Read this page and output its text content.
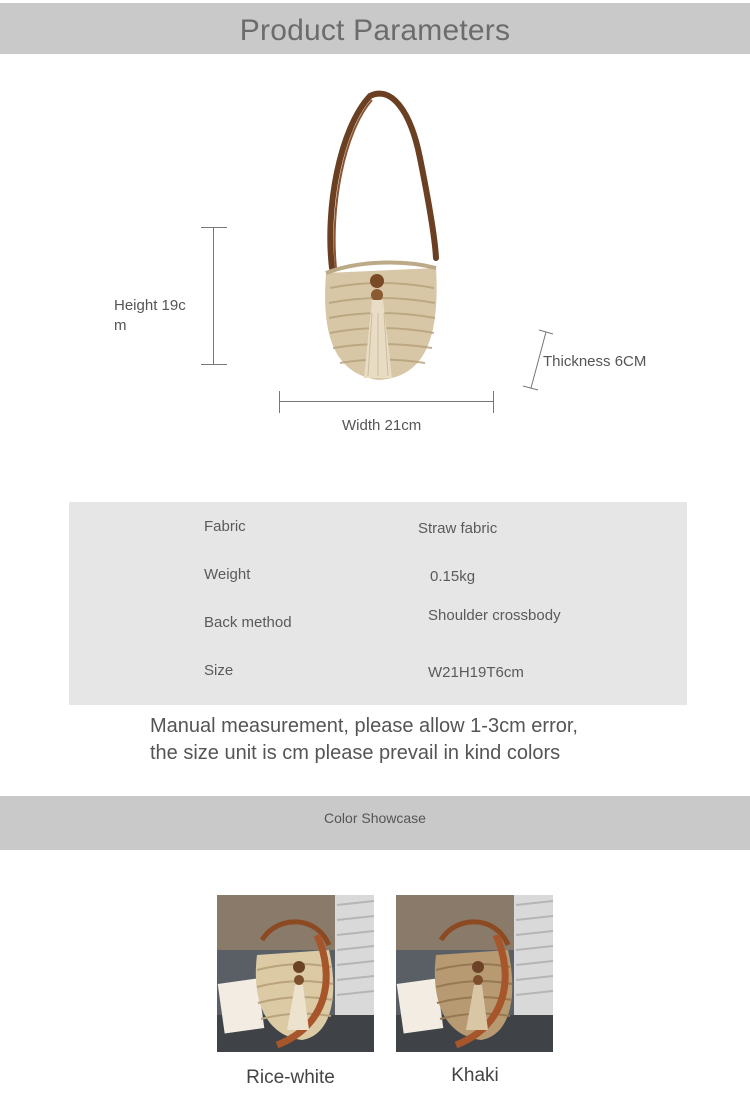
Product Parameters
Height 19c
m
Width 21cm
Thickness 6CM
Fabric	Straw fabric
Weight	0.15kg
Back method	Shoulder crossbody
Size	W21H19T6cm
Manual measurement, please allow 1-3cm error,
the size unit is cm please prevail in kind colors
Color Showcase
Rice-white	Khaki
